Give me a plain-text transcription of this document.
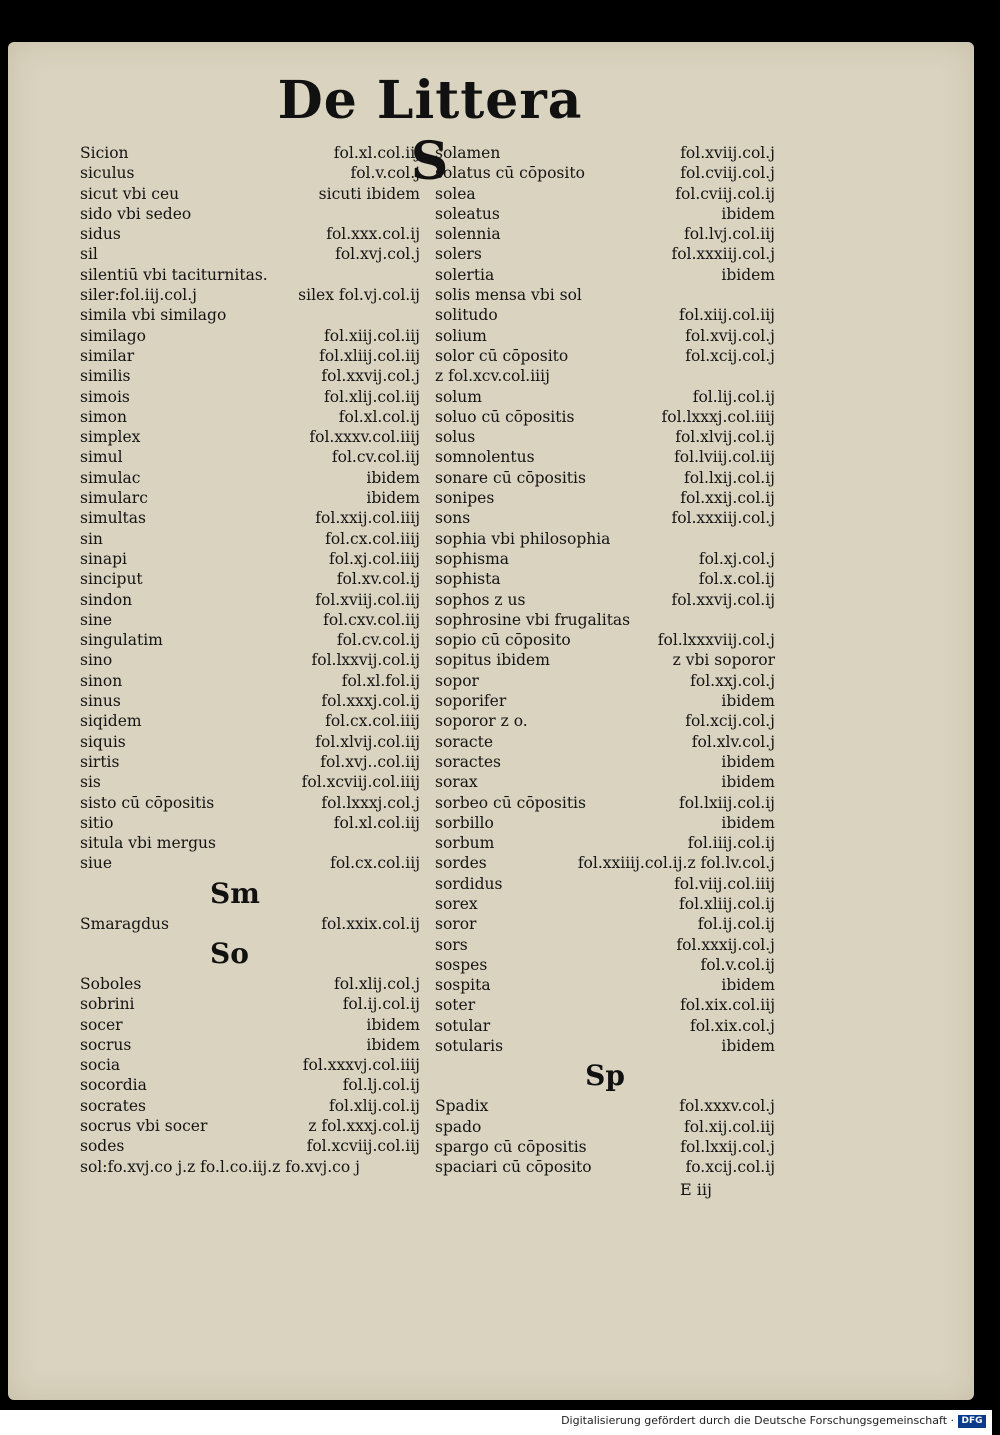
De Littera S
Sicion	fol.xl.col.iij
siculus	fol.v.col.j
sicut vbi ceu	sicuti ibidem
sido vbi sedeo
sidus	fol.xxx.col.ij
sil	fol.xvj.col.j
silentiū vbi taciturnitas.
siler:fol.iij.col.j	silex fol.vj.col.ij
simila vbi similago
similago	fol.xiij.col.iij
similar	fol.xliij.col.iij
similis	fol.xxvij.col.j
simois	fol.xlij.col.iij
simon	fol.xl.col.ij
simplex	fol.xxxv.col.iiij
simul	fol.cv.col.iij
simulac	ibidem
simularc	ibidem
simultas	fol.xxij.col.iiij
sin	fol.cx.col.iiij
sinapi	fol.xj.col.iiij
sinciput	fol.xv.col.ij
sindon	fol.xviij.col.iij
sine	fol.cxv.col.iij
singulatim	fol.cv.col.ij
sino	fol.lxxvij.col.ij
sinon	fol.xl.fol.ij
sinus	fol.xxxj.col.ij
siqidem	fol.cx.col.iiij
siquis	fol.xlvij.col.iij
sirtis	fol.xvj..col.iij
sis	fol.xcviij.col.iiij
sisto cū cōpositis	fol.lxxxj.col.j
sitio	fol.xl.col.iij
situla vbi mergus
siue	fol.cx.col.iij
Sm
Smaragdus	fol.xxix.col.ij
So
Soboles	fol.xlij.col.j
sobrini	fol.ij.col.ij
socer	ibidem
socrus	ibidem
socia	fol.xxxvj.col.iiij
socordia	fol.lj.col.ij
socrates	fol.xlij.col.ij
socrus vbi socer	z fol.xxxj.col.ij
sodes	fol.xcviij.col.iij
sol:fo.xvj.co j.z fo.l.co.iij.z fo.xvj.co j
solamen	fol.xviij.col.j
solatus cū cōposito	fol.cviij.col.j
solea	fol.cviij.col.ij
soleatus	ibidem
solennia	fol.lvj.col.iij
solers	fol.xxxiij.col.j
solertia	ibidem
solis mensa vbi sol
solitudo	fol.xiij.col.iij
solium	fol.xvij.col.j
solor cū cōposito	fol.xcij.col.j
z fol.xcv.col.iiij
solum	fol.lij.col.ij
soluo cū cōpositis	fol.lxxxj.col.iiij
solus	fol.xlvij.col.ij
somnolentus	fol.lviij.col.iij
sonare cū cōpositis	fol.lxij.col.ij
sonipes	fol.xxij.col.ij
sons	fol.xxxiij.col.j
sophia vbi philosophia
sophisma	fol.xj.col.j
sophista	fol.x.col.ij
sophos z us	fol.xxvij.col.ij
sophrosine vbi frugalitas
sopio cū cōposito	fol.lxxxviij.col.j
sopitus ibidem	z vbi soporor
sopor	fol.xxj.col.j
soporifer	ibidem
soporor z o.	fol.xcij.col.j
soracte	fol.xlv.col.j
soractes	ibidem
sorax	ibidem
sorbeo cū cōpositis	fol.lxiij.col.ij
sorbillo	ibidem
sorbum	fol.iiij.col.ij
sordes	fol.xxiiij.col.ij.z fol.lv.col.j
sordidus	fol.viij.col.iiij
sorex	fol.xliij.col.ij
soror	fol.ij.col.ij
sors	fol.xxxij.col.j
sospes	fol.v.col.ij
sospita	ibidem
soter	fol.xix.col.iij
sotular	fol.xix.col.j
sotularis	ibidem
Sp
Spadix	fol.xxxv.col.j
spado	fol.xij.col.iij
spargo cū cōpositis	fol.lxxij.col.j
spaciari cū cōposito	fo.xcij.col.ij
E iij
Digitalisierung gefördert durch die Deutsche Forschungsgemeinschaft · DFG
